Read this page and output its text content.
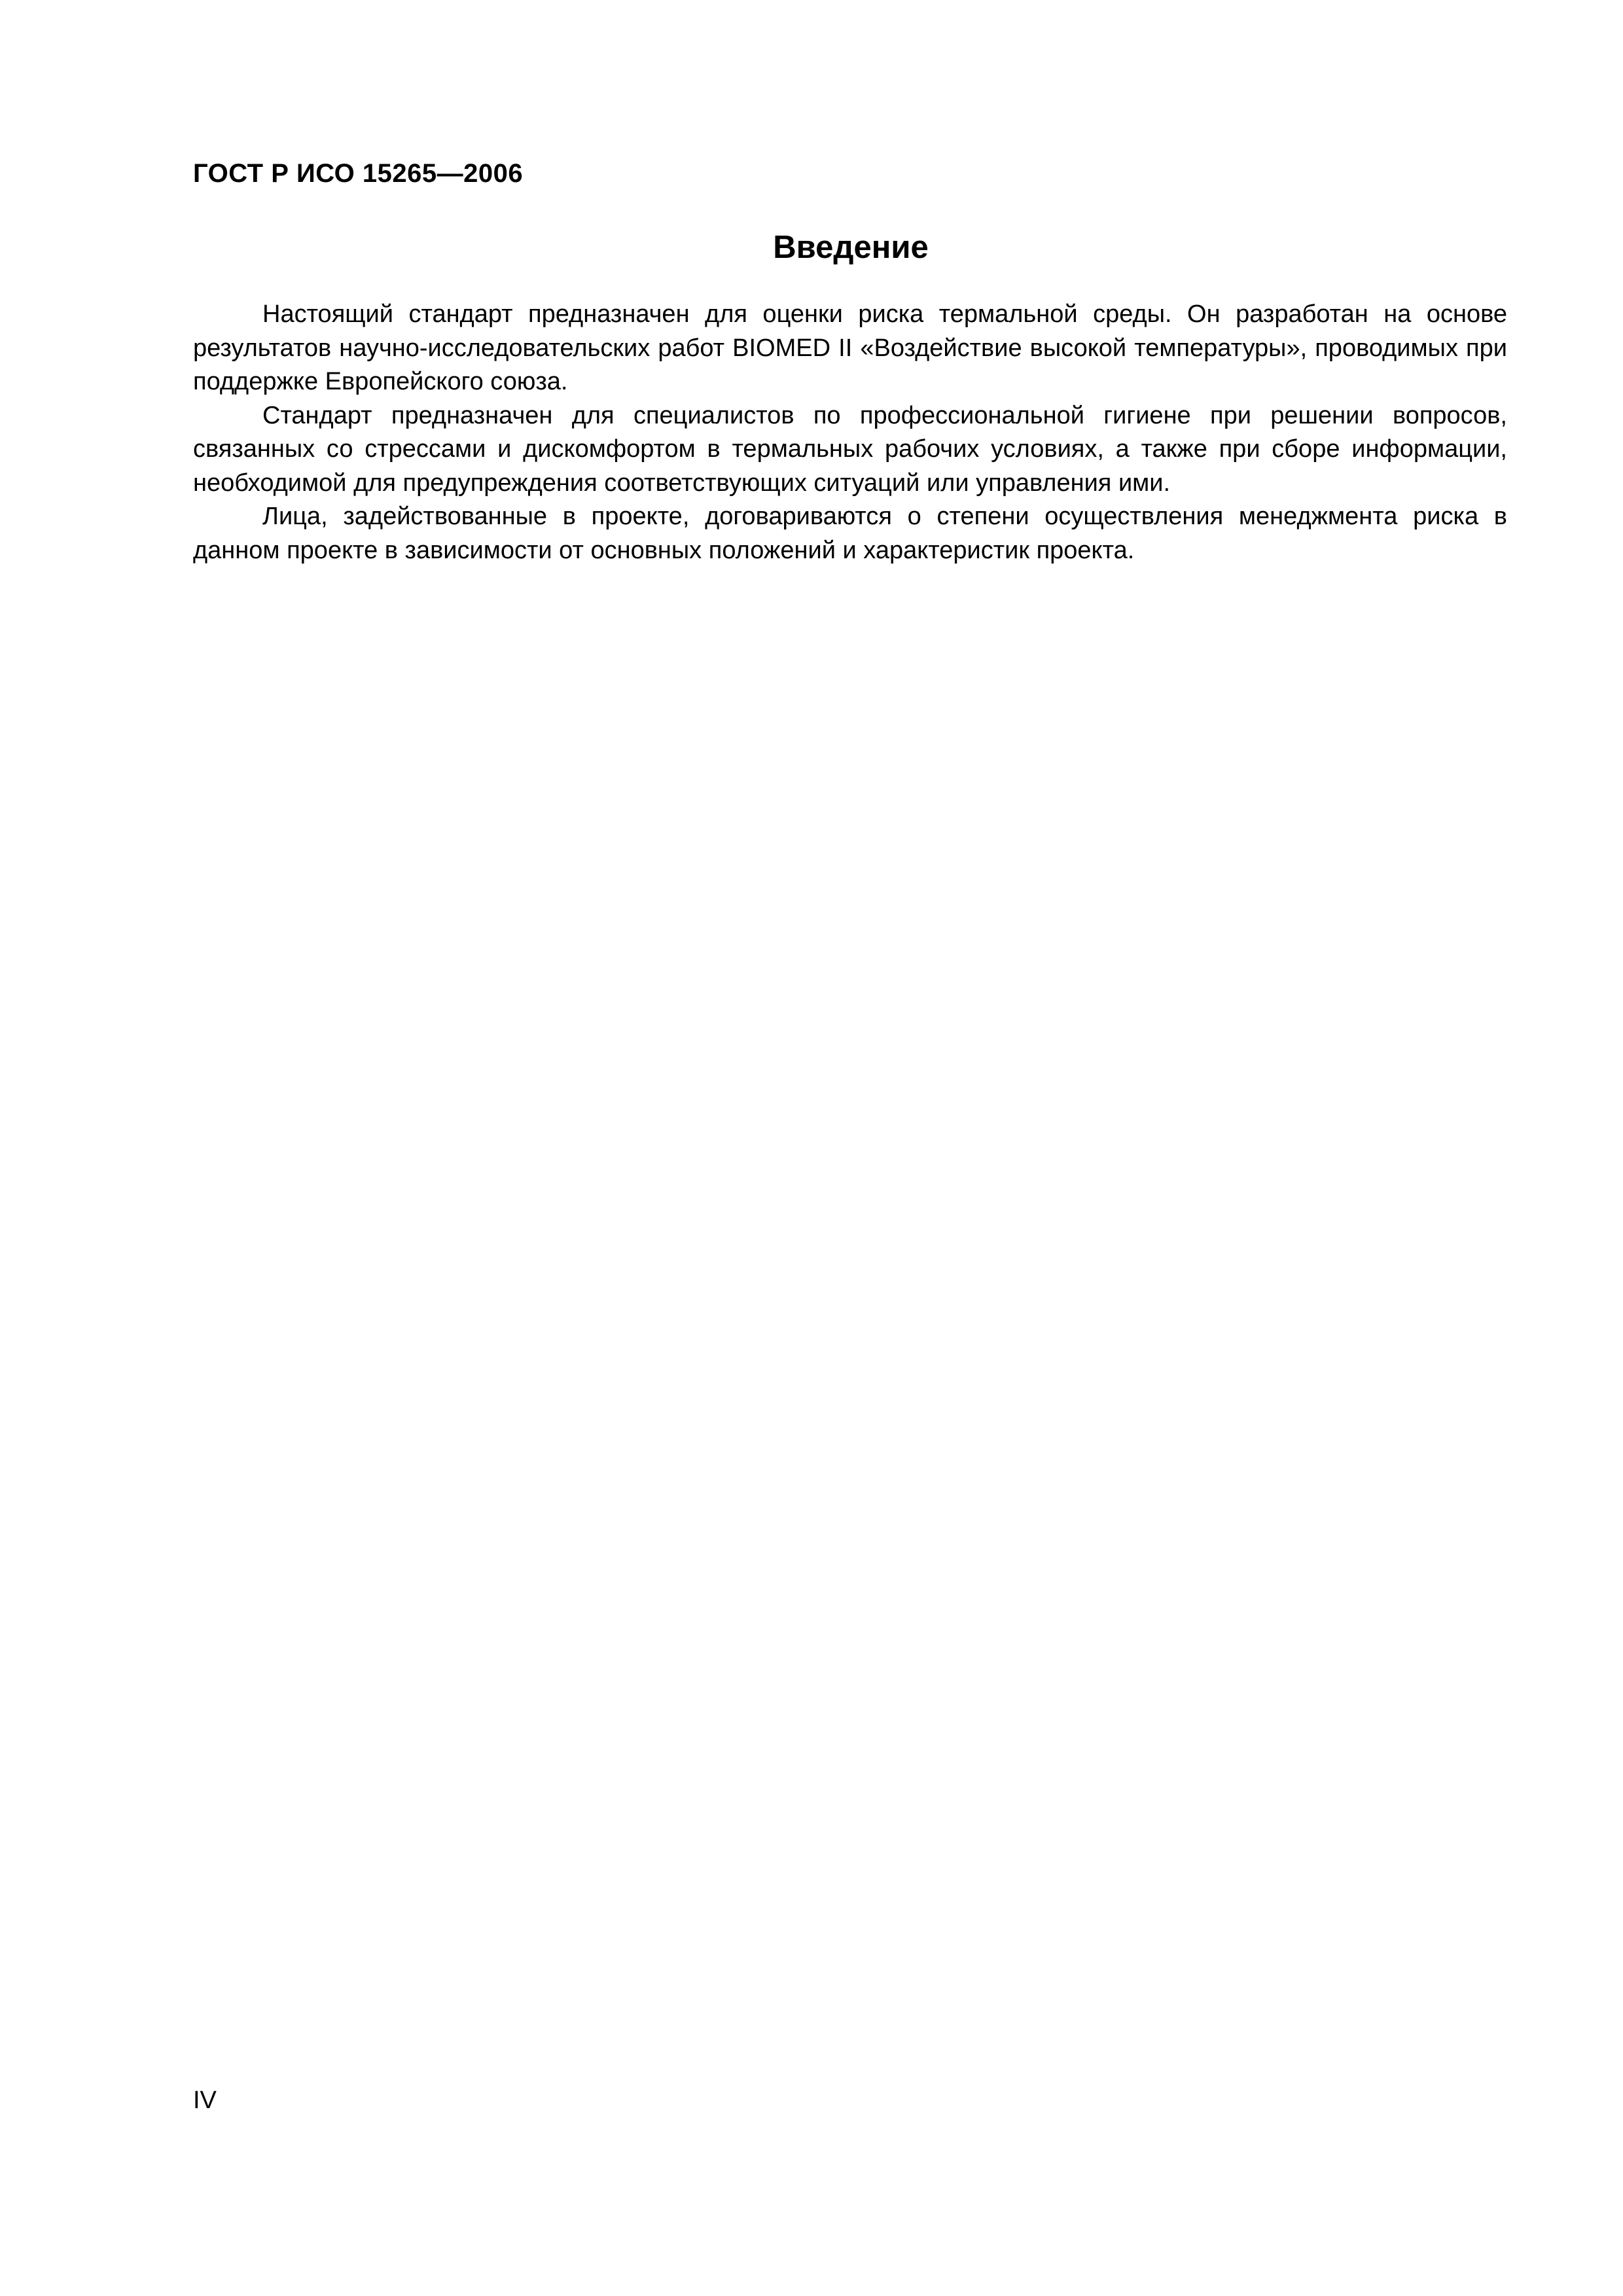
ГОСТ Р ИСО 15265—2006
Введение

Настоящий стандарт предназначен для оценки риска термальной среды. Он разработан на основе результатов научно-исследовательских работ BIOMED II «Воздействие высокой температуры», проводимых при поддержке Европейского союза.

Стандарт предназначен для специалистов по профессиональной гигиене при решении вопросов, связанных со стрессами и дискомфортом в термальных рабочих условиях, а также при сборе информации, необходимой для предупреждения соответствующих ситуаций или управления ими.

Лица, задействованные в проекте, договариваются о степени осуществления менеджмента риска в данном проекте в зависимости от основных положений и характеристик проекта.

IV
